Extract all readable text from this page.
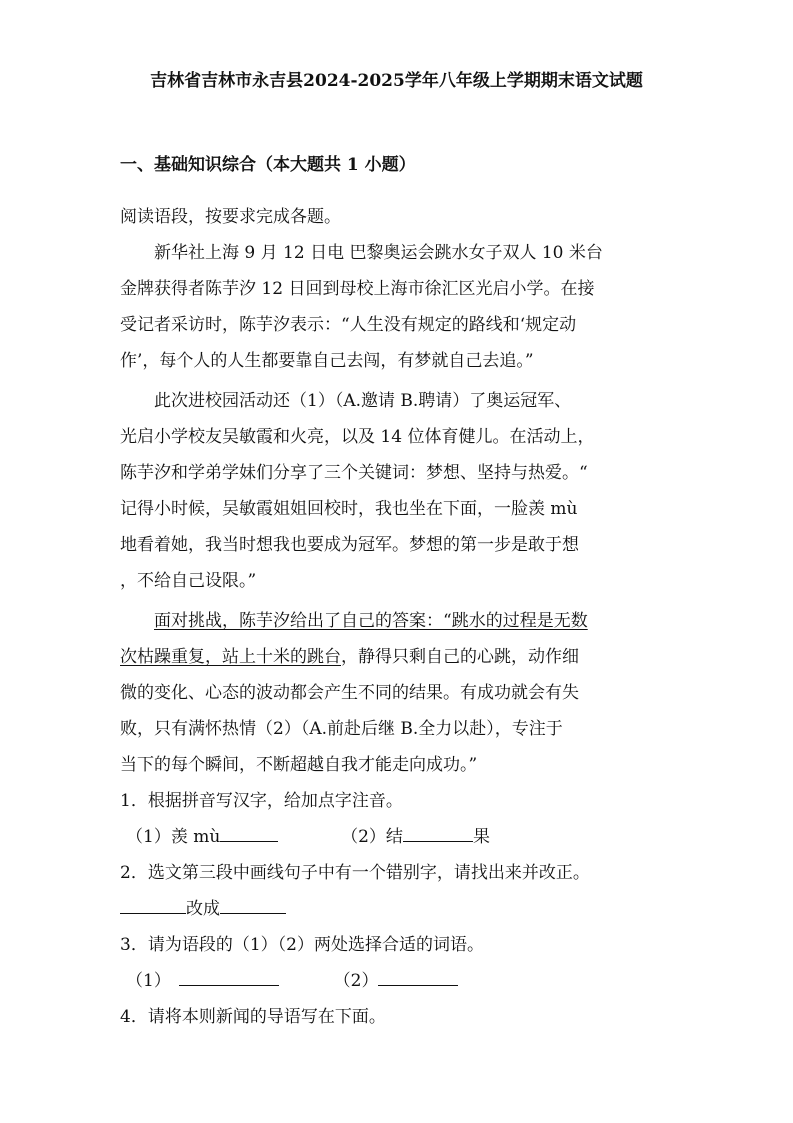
吉林省吉林市永吉县2024-2025学年八年级上学期期末语文试题
一、基础知识综合（本大题共 1 小题）
阅读语段，按要求完成各题。
新华社上海 9 月 12 日电 巴黎奥运会跳水女子双人 10 米台
金牌获得者陈芋汐 12 日回到母校上海市徐汇区光启小学。在接
受记者采访时，陈芋汐表示：“人生没有规定的路线和‘规定动
作’，每个人的人生都要靠自己去闯，有梦就自己去追。”
此次进校园活动还（1）（A.邀请 B.聘请）了奥运冠军、
光启小学校友吴敏霞和火亮，以及 14 位体育健儿。在活动上，
陈芋汐和学弟学妹们分享了三个关键词：梦想、坚持与热爱。“
记得小时候，吴敏霞姐姐回校时，我也坐在下面，一脸羡 mù
地看着她，我当时想我也要成为冠军。梦想的第一步是敢于想
，不给自己设限。”
面对挑战，陈芋汐给出了自己的答案：“跳水的过程是无数
次枯躁重复，站上十米的跳台，静得只剩自己的心跳，动作细
微的变化、心态的波动都会产生不同的结果。有成功就会有失
败，只有满怀热情（2）（A.前赴后继 B.全力以赴），专注于
当下的每个瞬间，不断超越自我才能走向成功。”
1．根据拼音写汉字，给加点字注音。
（1）羡 mù	（2）结	果
2．选文第三段中画线句子中有一个错别字，请找出来并改正。
改成
3．请为语段的（1）（2）两处选择合适的词语。
（1）	（2）
4．请将本则新闻的导语写在下面。
